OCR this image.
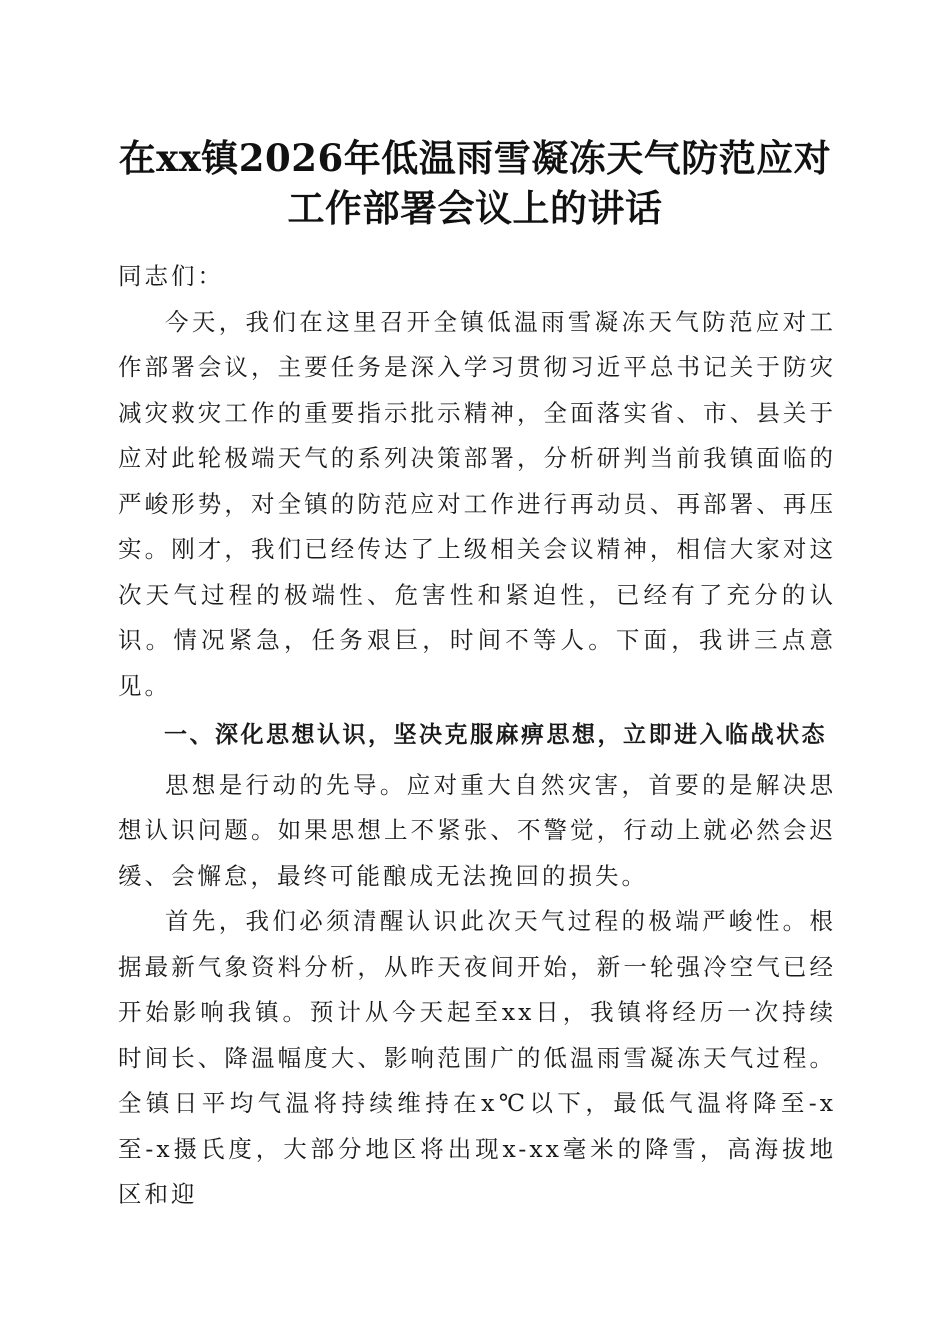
在xx镇2026年低温雨雪凝冻天气防范应对工作部署会议上的讲话

同志们：

今天，我们在这里召开全镇低温雨雪凝冻天气防范应对工作部署会议，主要任务是深入学习贯彻习近平总书记关于防灾减灾救灾工作的重要指示批示精神，全面落实省、市、县关于应对此轮极端天气的系列决策部署，分析研判当前我镇面临的严峻形势，对全镇的防范应对工作进行再动员、再部署、再压实。刚才，我们已经传达了上级相关会议精神，相信大家对这次天气过程的极端性、危害性和紧迫性，已经有了充分的认识。情况紧急，任务艰巨，时间不等人。下面，我讲三点意见。

一、深化思想认识，坚决克服麻痹思想，立即进入临战状态

思想是行动的先导。应对重大自然灾害，首要的是解决思想认识问题。如果思想上不紧张、不警觉，行动上就必然会迟缓、会懈怠，最终可能酿成无法挽回的损失。

首先，我们必须清醒认识此次天气过程的极端严峻性。根据最新气象资料分析，从昨天夜间开始，新一轮强冷空气已经开始影响我镇。预计从今天起至xx日，我镇将经历一次持续时间长、降温幅度大、影响范围广的低温雨雪凝冻天气过程。全镇日平均气温将持续维持在x℃以下，最低气温将降至-x至-x摄氏度，大部分地区将出现x-xx毫米的降雪，高海拔地区和迎
